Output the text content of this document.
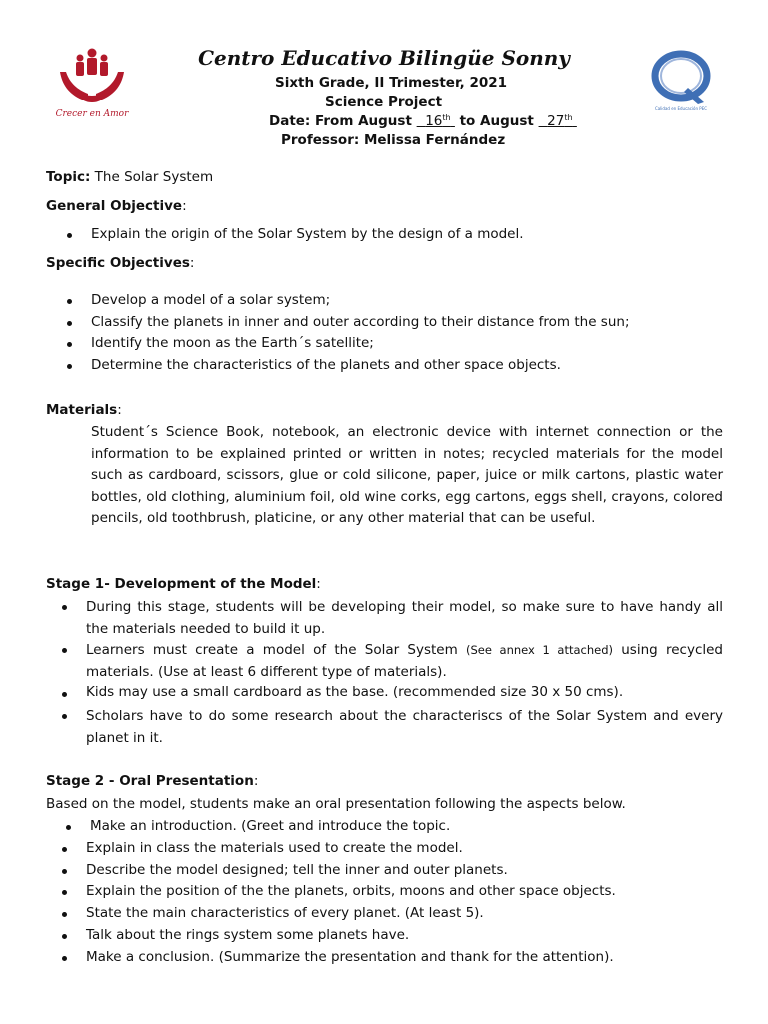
Crecer en Amor
Calidad en Educación PEC
Centro Educativo Bilingüe Sonny
Sixth Grade, II Trimester, 2021
Science Project
Date: From August   16th  to August   27th
Professor: Melissa Fernández
Topic: The Solar System
General Objective:
Explain the origin of the Solar System by the design of a model.
Specific Objectives:
Develop a model of a solar system;
Classify the planets in inner and outer according to their distance from the sun;
Identify the moon as the Earth´s satellite;
Determine the characteristics of the planets and other space objects.
Materials:
Student´s Science Book, notebook, an electronic device with internet connection or the information to be explained printed or written in notes; recycled materials for the model such as cardboard, scissors, glue or cold silicone, paper, juice or milk cartons, plastic water bottles, old clothing, aluminium foil, old wine corks, egg cartons, eggs shell, crayons, colored pencils, old toothbrush, platicine, or any other material that can be useful.
Stage 1- Development of the Model:
During this stage, students will be developing their model, so make sure to have handy all the materials needed to build it up.
Learners must create a model of the Solar System (See annex 1 attached) using recycled materials. (Use at least 6 different type of materials).
Kids may use a small cardboard as the base. (recommended size 30 x 50 cms).
Scholars have to do some research about the characteriscs of the Solar System and every planet in it.
Stage 2 - Oral Presentation:
Based on the model, students make an oral presentation following the aspects below.
Make an introduction. (Greet and introduce the topic.
Explain in class the materials used to create the model.
Describe the model designed; tell the inner and outer planets.
Explain the position of the the planets, orbits, moons and other space objects.
State the main characteristics of every planet. (At least 5).
Talk about the rings system some planets have.
Make a conclusion. (Summarize the presentation and thank for the attention).
